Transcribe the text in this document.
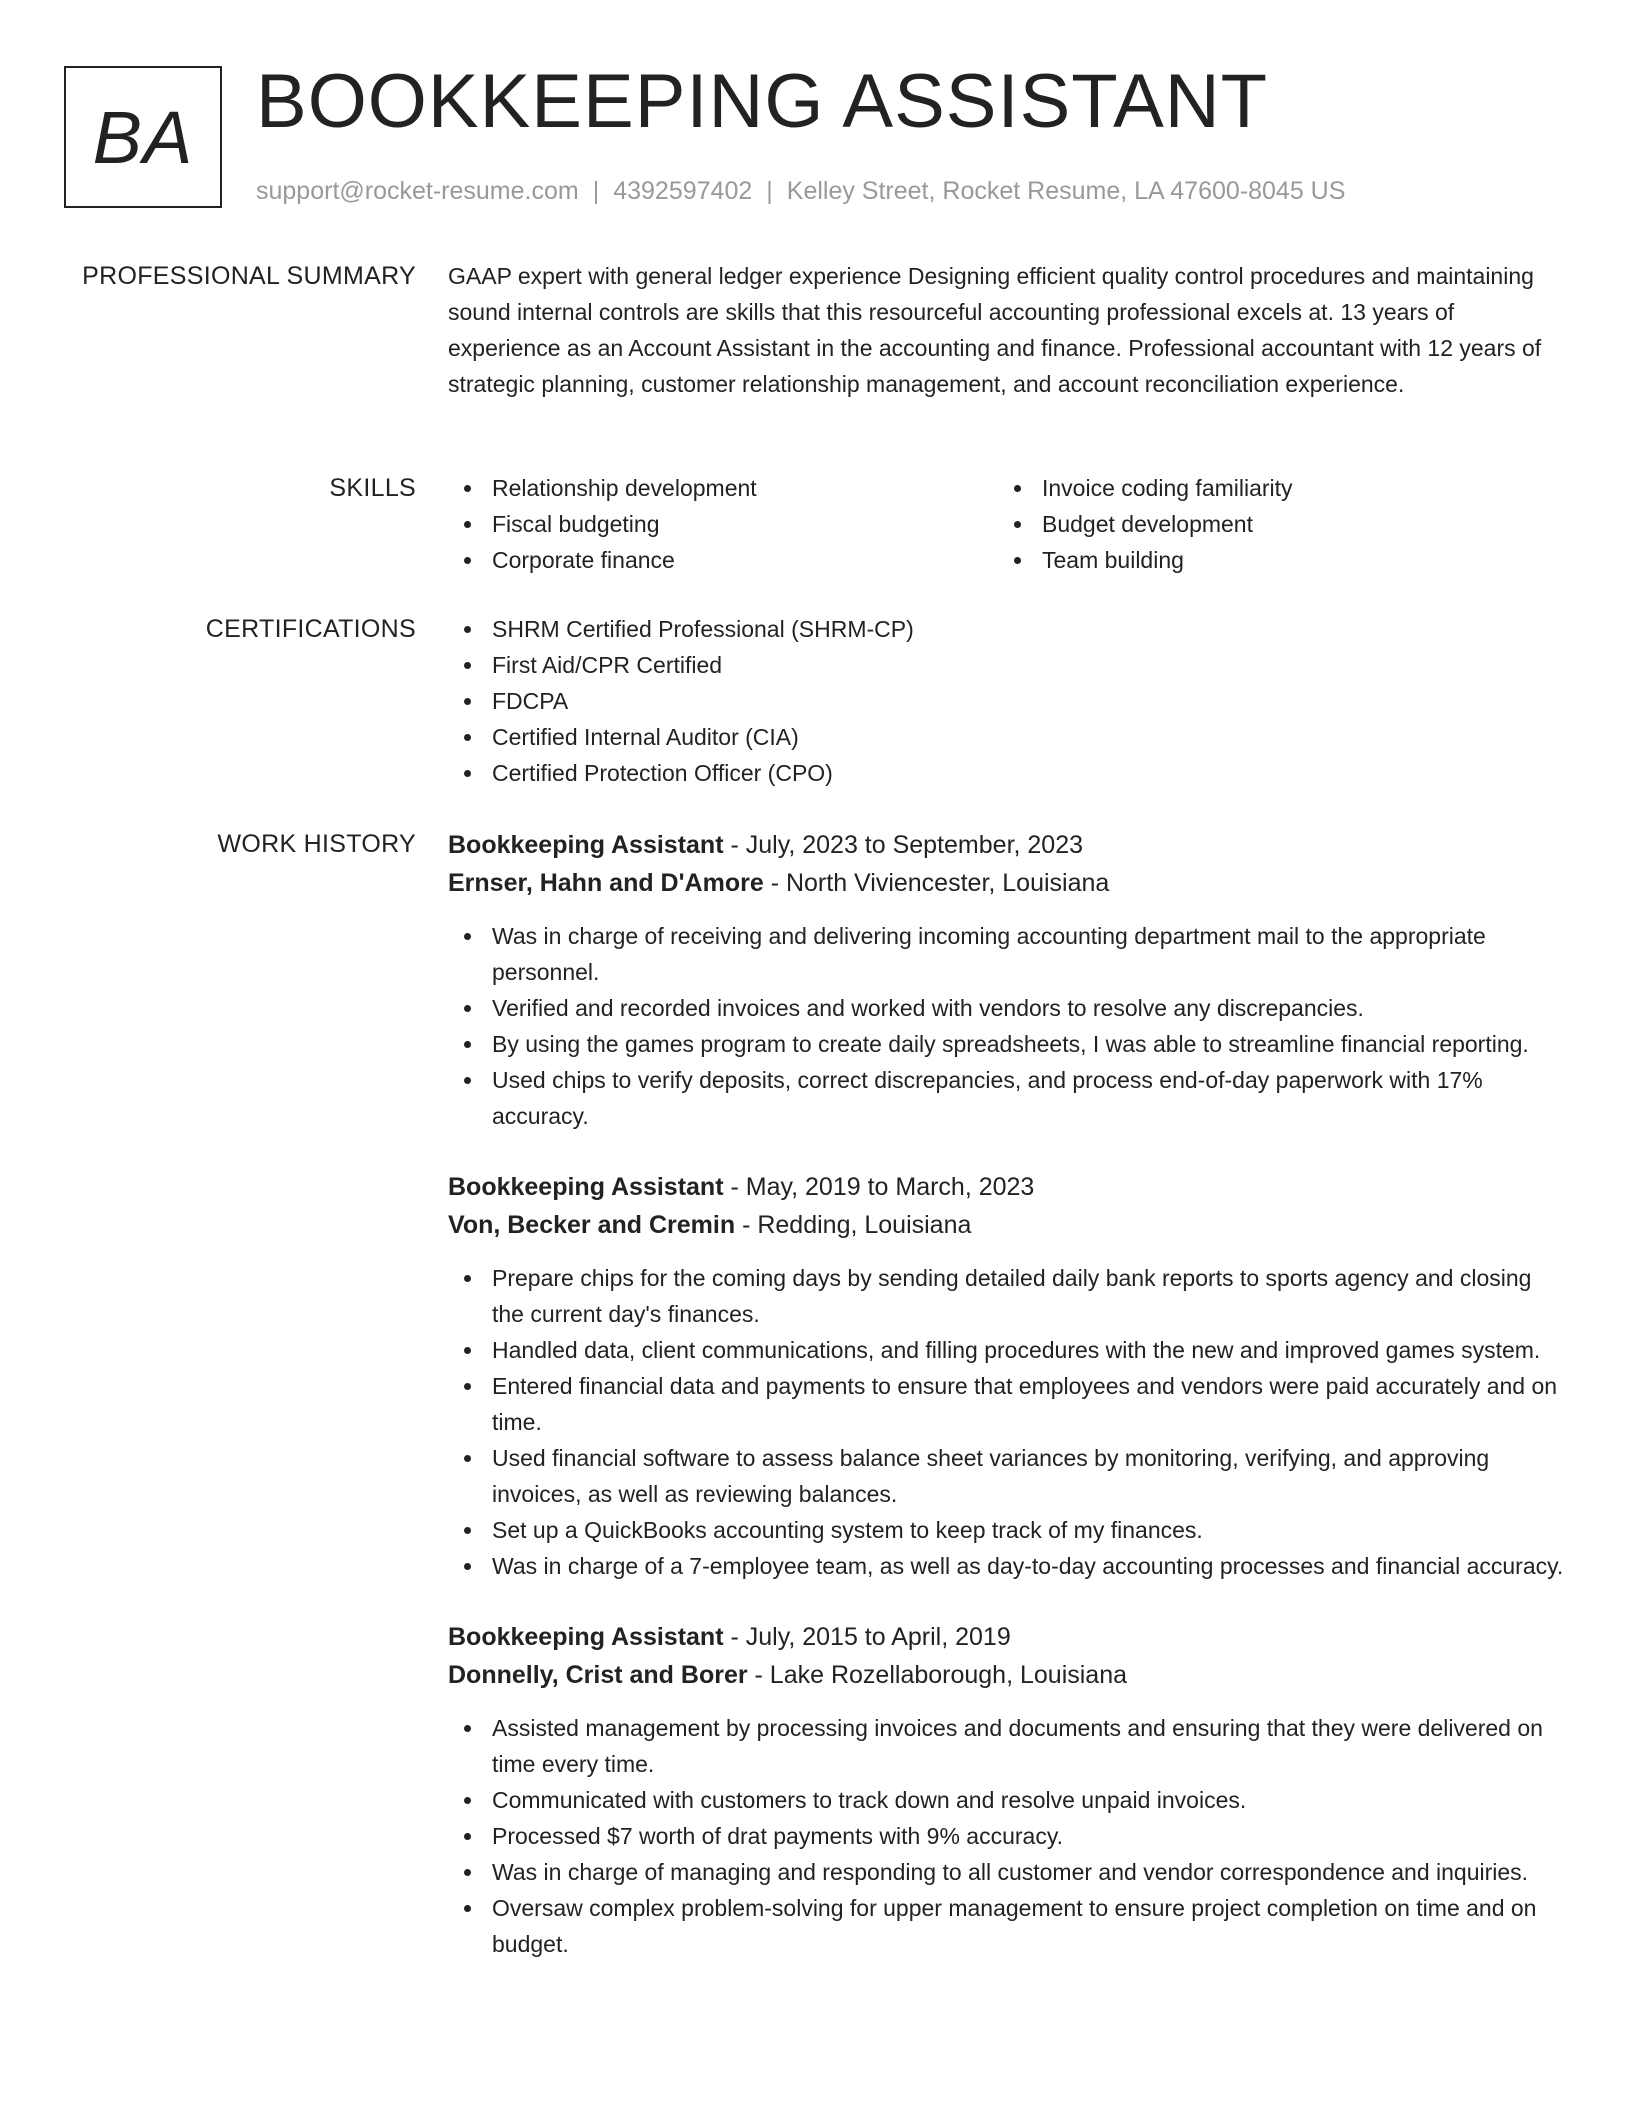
BA BOOKKEEPING ASSISTANT
support@rocket-resume.com | 4392597402 | Kelley Street, Rocket Resume, LA 47600-8045 US
PROFESSIONAL SUMMARY GAAP expert with general ledger experience Designing efficient quality control procedures and maintaining sound internal controls are skills that this resourceful accounting professional excels at. 13 years of experience as an Account Assistant in the accounting and finance. Professional accountant with 12 years of strategic planning, customer relationship management, and account reconciliation experience.
SKILLS	Relationship development
Fiscal budgeting
Corporate finance
Invoice coding familiarity
Budget development
Team building
CERTIFICATIONS	SHRM Certified Professional (SHRM-CP)
First Aid/CPR Certified
FDCPA
Certified Internal Auditor (CIA)
Certified Protection Officer (CPO)
WORK HISTORY Bookkeeping Assistant - July, 2023 to September, 2023
Ernser, Hahn and D'Amore - North Viviencester, Louisiana
Was in charge of receiving and delivering incoming accounting department mail to the appropriate personnel.
Verified and recorded invoices and worked with vendors to resolve any discrepancies.
By using the games program to create daily spreadsheets, I was able to streamline financial reporting.
Used chips to verify deposits, correct discrepancies, and process end-of-day paperwork with 17% accuracy.
Bookkeeping Assistant - May, 2019 to March, 2023
Von, Becker and Cremin - Redding, Louisiana
Prepare chips for the coming days by sending detailed daily bank reports to sports agency and closing the current day's finances.
Handled data, client communications, and filling procedures with the new and improved games system.
Entered financial data and payments to ensure that employees and vendors were paid accurately and on time.
Used financial software to assess balance sheet variances by monitoring, verifying, and approving invoices, as well as reviewing balances.
Set up a QuickBooks accounting system to keep track of my finances.
Was in charge of a 7-employee team, as well as day-to-day accounting processes and financial accuracy.
Bookkeeping Assistant - July, 2015 to April, 2019
Donnelly, Crist and Borer - Lake Rozellaborough, Louisiana
Assisted management by processing invoices and documents and ensuring that they were delivered on time every time.
Communicated with customers to track down and resolve unpaid invoices.
Processed $7 worth of drat payments with 9% accuracy.
Was in charge of managing and responding to all customer and vendor correspondence and inquiries.
Oversaw complex problem-solving for upper management to ensure project completion on time and on budget.
